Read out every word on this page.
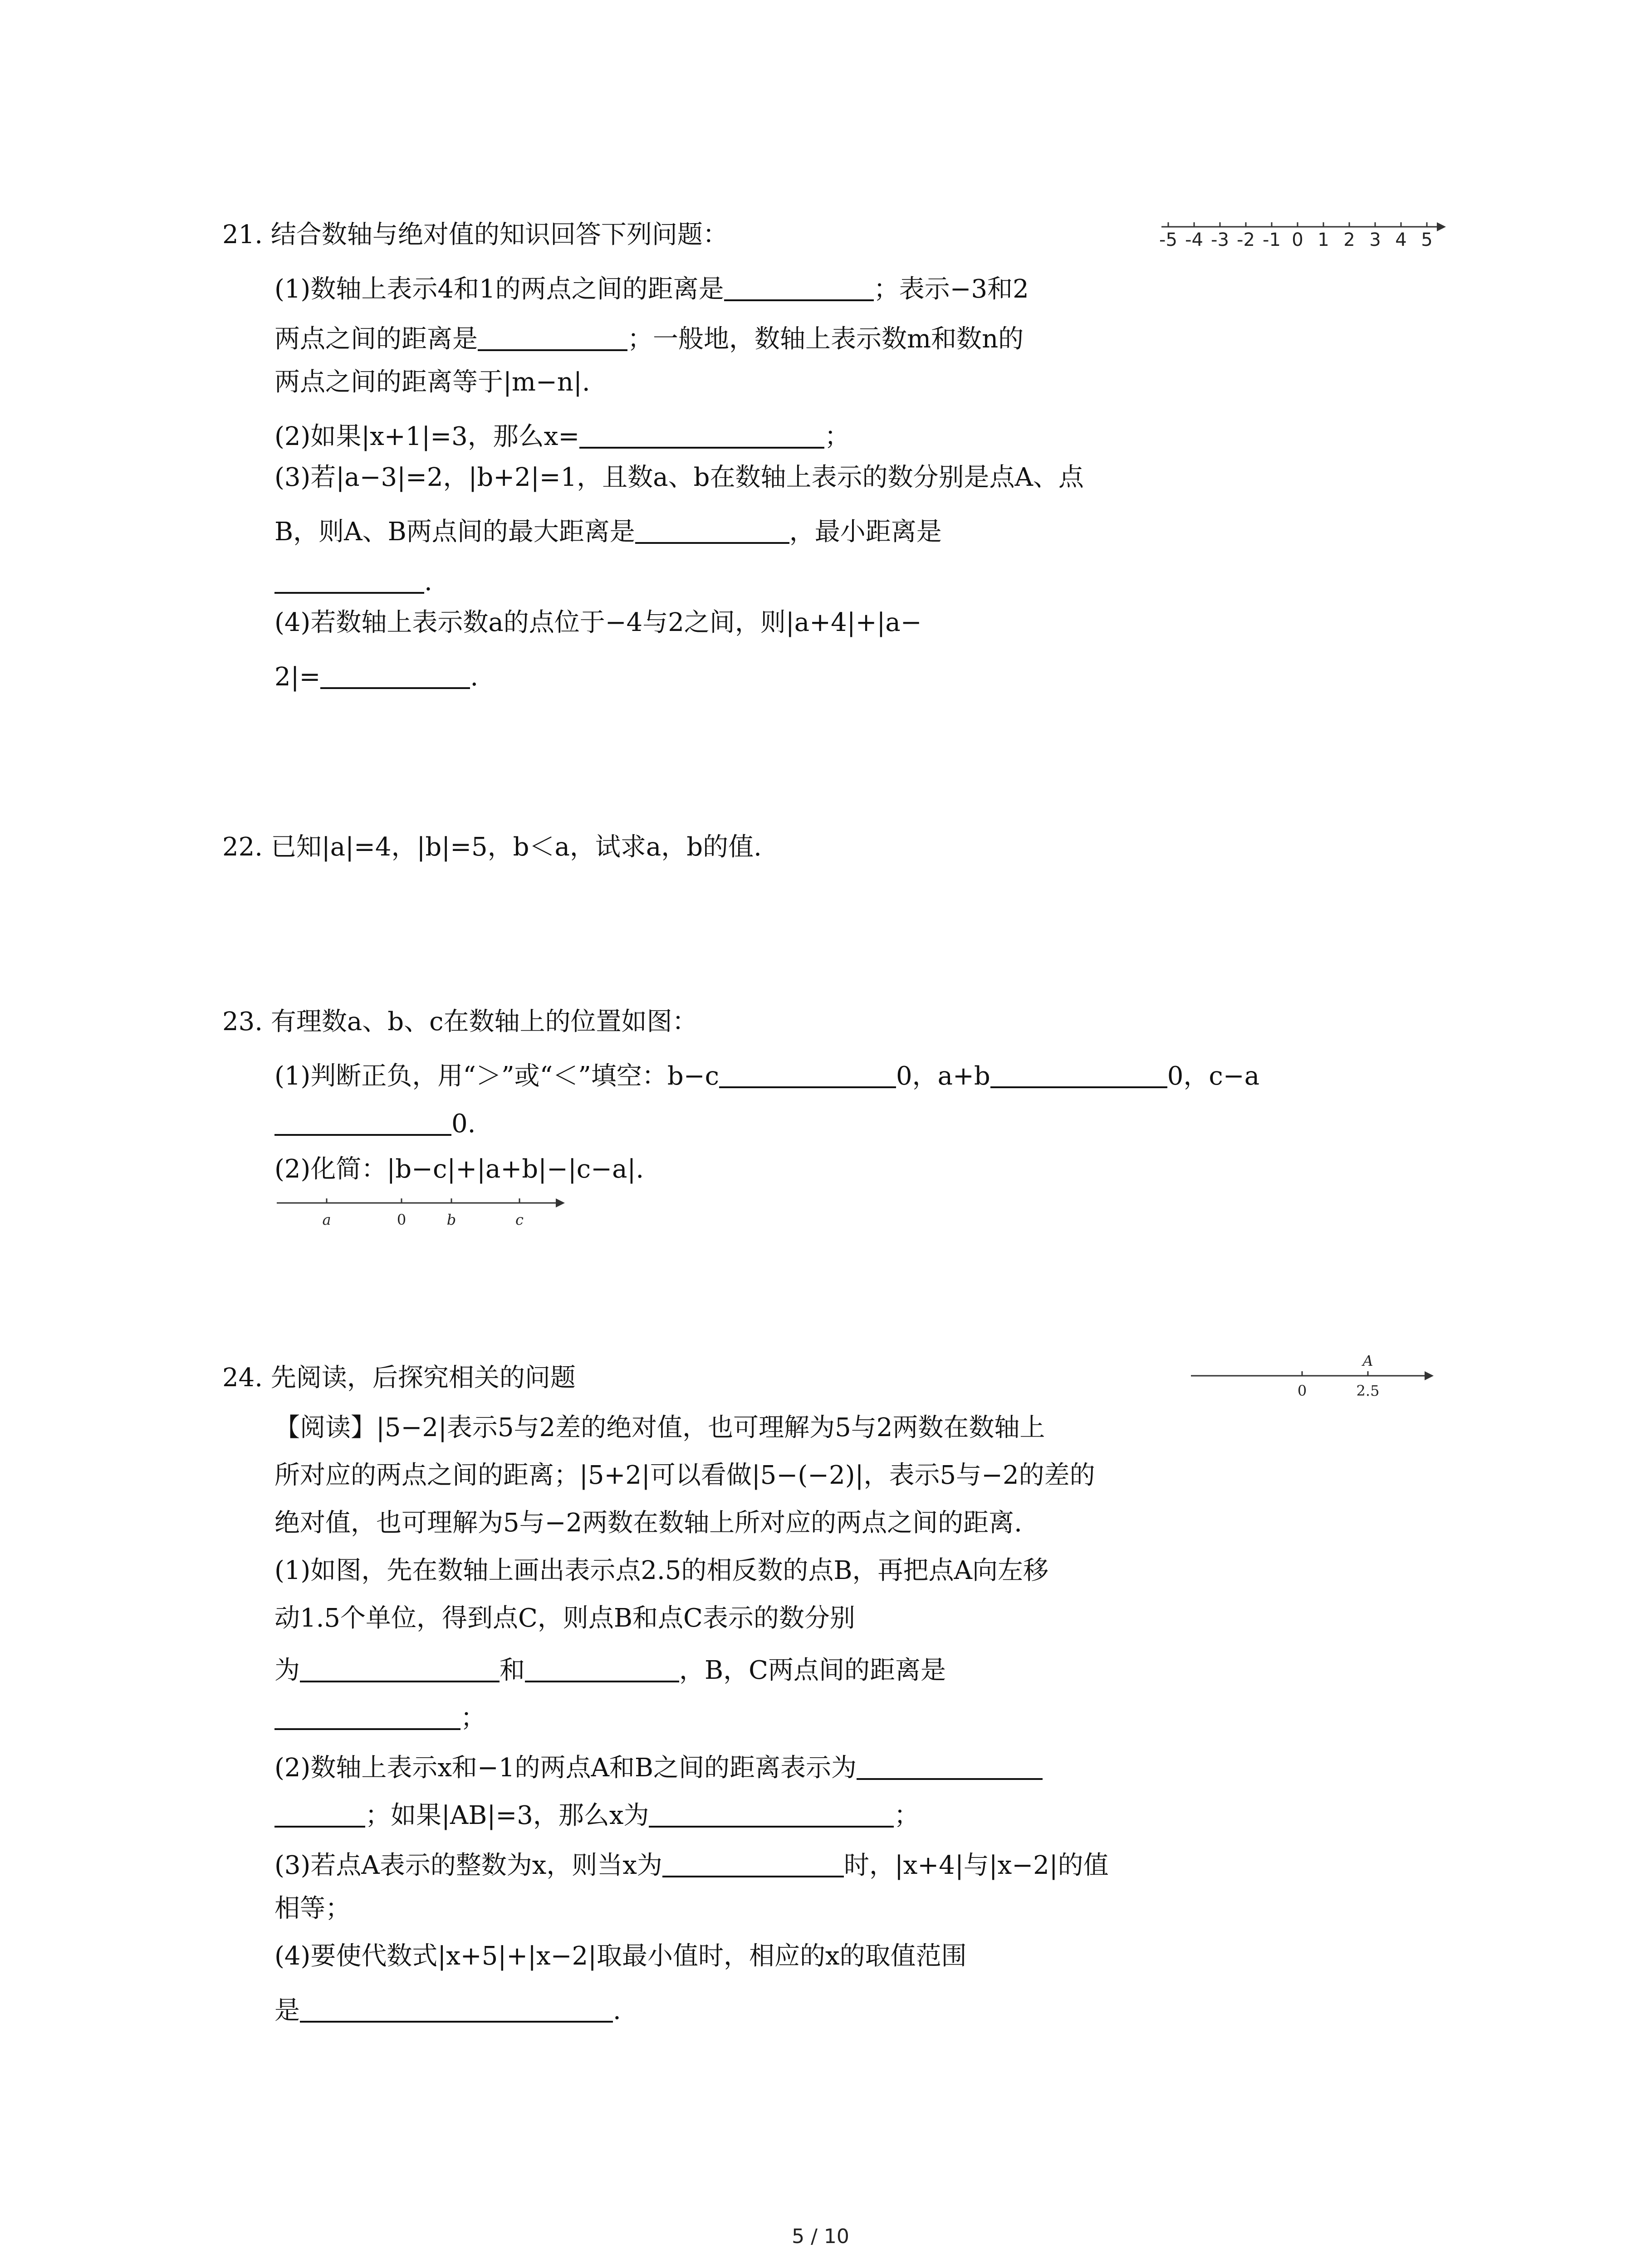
21. 结合数轴与绝对值的知识回答下列问题：	-5 -4 -3 -2 -1 0 1 2 3 4 5
(1)数轴上表示4和1的两点之间的距离是	；表示−3和2
两点之间的距离是	；一般地，数轴上表示数m和数n的
两点之间的距离等于|m−n|.
(2)如果|x+1|=3，那么x=	；
(3)若|a−3|=2，|b+2|=1，且数a、b在数轴上表示的数分别是点A、点
B，则A、B两点间的最大距离是	，最小距离是
.
(4)若数轴上表示数a的点位于−4与2之间，则|a+4|+|a−
2|=	.
22. 已知|a|=4，|b|=5，b＜a，试求a，b的值.
23. 有理数a、b、c在数轴上的位置如图：
(1)判断正负，用“＞”或“＜”填空：b−c	0，a+b	0，c−a
0.
(2)化简：|b−c|+|a+b|−|c−a|.
a	0	b	c
24. 先阅读，后探究相关的问题	0
A
2.5
【阅读】|5−2|表示5与2差的绝对值，也可理解为5与2两数在数轴上
所对应的两点之间的距离；|5+2|可以看做|5−(−2)|，表示5与−2的差的
绝对值，也可理解为5与−2两数在数轴上所对应的两点之间的距离.
(1)如图，先在数轴上画出表示点2.5的相反数的点B，再把点A向左移
动1.5个单位，得到点C，则点B和点C表示的数分别
为	和	，B，C两点间的距离是
；
(2)数轴上表示x和−1的两点A和B之间的距离表示为
；如果|AB|=3，那么x为	；
(3)若点A表示的整数为x，则当x为	时，|x+4|与|x−2|的值
相等；
(4)要使代数式|x+5|+|x−2|取最小值时，相应的x的取值范围
是	.
5 / 10
